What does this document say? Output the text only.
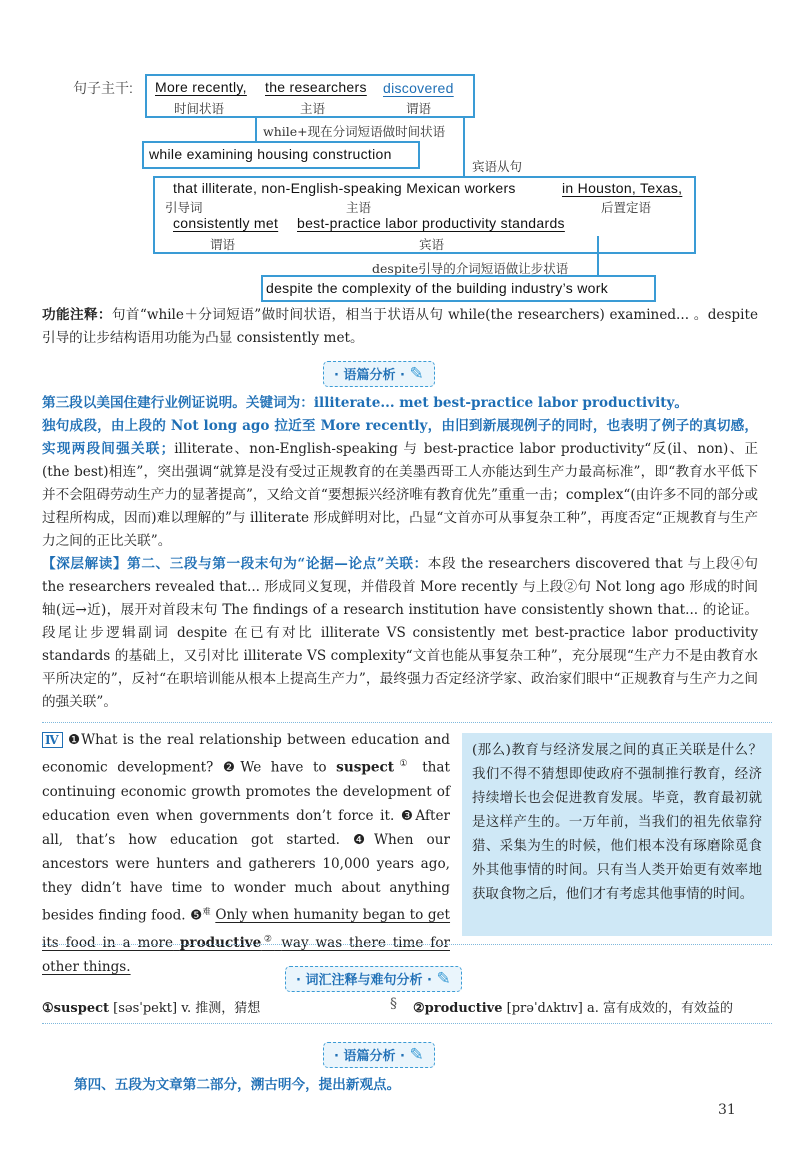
句子主干: More recently, the researchers discovered
时间状语	主语	谓语
while+现在分词短语做时间状语
while examining housing construction
宾语从句
that illiterate, non-English-speaking Mexican workers	in Houston, Texas,
引导词	主语	后置定语
consistently met best-practice labor productivity standards
谓语	宾语
despite引导的介词短语做让步状语
despite the complexity of the building industry’s work
功能注释：句首“while＋分词短语”做时间状语，相当于状语从句 while(the researchers) examined... 。despite 引导的让步结构语用功能为凸显 consistently met。
· 语篇分析 · ✎
第三段以美国住建行业例证说明。关键词为：illiterate... met best-practice labor productivity。
独句成段，由上段的 Not long ago 拉近至 More recently，由旧到新展现例子的同时，也表明了例子的真切感，实现两段间强关联；illiterate、non-English-speaking 与 best-practice labor productivity“反(il、non)、正(the best)相连”，突出强调“就算是没有受过正规教育的在美墨西哥工人亦能达到生产力最高标准”，即“教育水平低下并不会阻碍劳动生产力的显著提高”，又给文首“要想振兴经济唯有教育优先”重重一击；complex“(由许多不同的部分或过程所构成，因而)难以理解的”与 illiterate 形成鲜明对比，凸显“文首亦可从事复杂工种”，再度否定“正规教育与生产力之间的正比关联”。
【深层解读】第二、三段与第一段末句为“论据—论点”关联：本段 the researchers discovered that 与上段④句 the researchers revealed that... 形成同义复现，并借段首 More recently 与上段②句 Not long ago 形成的时间轴(远→近)，展开对首段末句 The findings of a research institution have consistently shown that... 的论证。段尾让步逻辑副词 despite 在已有对比 illiterate VS consistently met best-practice labor productivity standards 的基础上，又引对比 illiterate VS complexity“文首也能从事复杂工种”，充分展现“生产力不是由教育水平所决定的”，反衬“在职培训能从根本上提高生产力”，最终强力否定经济学家、政治家们眼中“正规教育与生产力之间的强关联”。
Ⅳ ❶What is the real relationship between education and economic development? ❷We have to suspect① that continuing economic growth promotes the development of education even when governments don’t force it. ❸After all, that’s how education got started. ❹When our ancestors were hunters and gatherers 10,000 years ago, they didn’t have time to wonder much about anything besides finding food. ❺$^难$ Only when humanity began to get its food in a more productive② way was there time for other things.
(那么)教育与经济发展之间的真正关联是什么？我们不得不猜想即使政府不强制推行教育，经济持续增长也会促进教育发展。毕竟，教育最初就是这样产生的。一万年前，当我们的祖先依靠狩猎、采集为生的时候，他们根本没有琢磨除觅食外其他事情的时间。只有当人类开始更有效率地获取食物之后，他们才有考虑其他事情的时间。
· 词汇注释与难句分析 · ✎
①suspect [səsˈpekt] v. 推测，猜想	§ ②productive [prəˈdʌktɪv] a. 富有成效的，有效益的
· 语篇分析 · ✎
第四、五段为文章第二部分，溯古明今，提出新观点。
31
